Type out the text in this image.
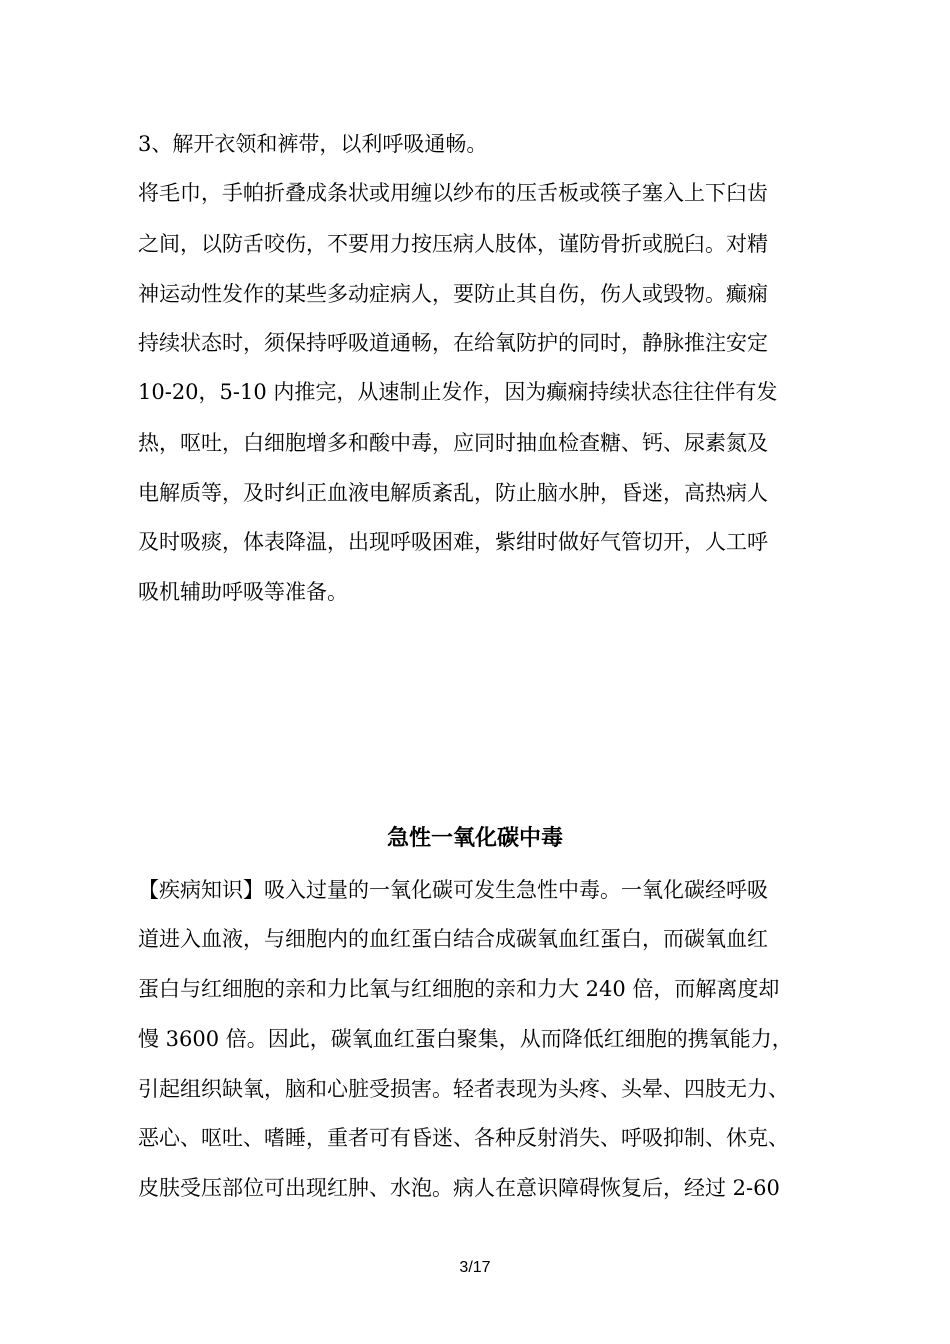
3、解开衣领和裤带，以利呼吸通畅。
将毛巾，手帕折叠成条状或用缠以纱布的压舌板或筷子塞入上下臼齿
之间，以防舌咬伤，不要用力按压病人肢体，谨防骨折或脱臼。对精
神运动性发作的某些多动症病人，要防止其自伤，伤人或毁物。癫痫
持续状态时，须保持呼吸道通畅，在给氧防护的同时，静脉推注安定
10-20，5-10 内推完，从速制止发作，因为癫痫持续状态往往伴有发
热，呕吐，白细胞增多和酸中毒，应同时抽血检查糖、钙、尿素氮及
电解质等，及时纠正血液电解质紊乱，防止脑水肿，昏迷，高热病人
及时吸痰，体表降温，出现呼吸困难，紫绀时做好气管切开，人工呼
吸机辅助呼吸等准备。
急性一氧化碳中毒
【疾病知识】吸入过量的一氧化碳可发生急性中毒。一氧化碳经呼吸
道进入血液，与细胞内的血红蛋白结合成碳氧血红蛋白，而碳氧血红
蛋白与红细胞的亲和力比氧与红细胞的亲和力大 240 倍，而解离度却
慢 3600 倍。因此，碳氧血红蛋白聚集，从而降低红细胞的携氧能力，
引起组织缺氧，脑和心脏受损害。轻者表现为头疼、头晕、四肢无力、
恶心、呕吐、嗜睡，重者可有昏迷、各种反射消失、呼吸抑制、休克、
皮肤受压部位可出现红肿、水泡。病人在意识障碍恢复后，经过 2-60
3/17
